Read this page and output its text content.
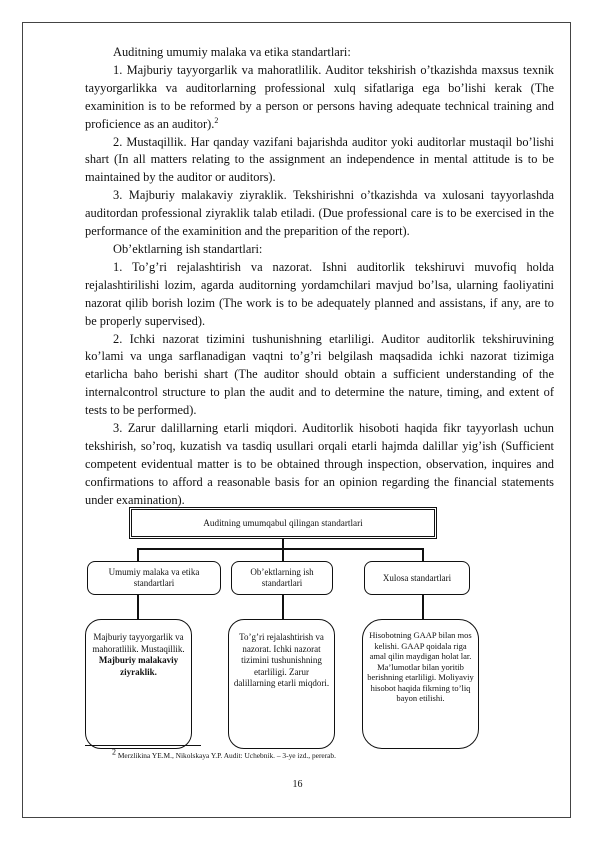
Auditning umumiy malaka va etika standartlari:

1. Majburiy tayyorgarlik va mahoratlilik. Auditor tekshirish o’tkazishda maxsus texnik tayyorgarlikka va auditorlarning professional xulq sifatlariga ega bo’lishi kerak (The examinition is to be reformed by a person or persons having adequate technical training and proficience as an auditor).$^2$

2. Mustaqillik. Har qanday vazifani bajarishda auditor yoki auditorlar mustaqil bo’lishi shart (In all matters relating to the assignment an independence in mental attitude is to be maintained by the auditor or auditors).

3. Majburiy malakaviy ziyraklik. Tekshirishni o’tkazishda va xulosani tayyorlashda auditordan professional ziyraklik talab etiladi. (Due professional care is to be exercised in the performance of the examinition and the preparition of the report).

Ob’ektlarning ish standartlari:

1. To’g’ri rejalashtirish va nazorat. Ishni auditorlik tekshiruvi muvofiq holda rejalashtirilishi lozim, agarda auditorning yordamchilari mavjud bo’lsa, ularning faoliyatini nazorat qilib borish lozim (The work is to be adequately planned and assistans, if any, are to be properly supervised).

2. Ichki nazorat tizimini tushunishning etarliligi. Auditor auditorlik tekshiruvining ko’lami va unga sarflanadigan vaqtni to’g’ri belgilash maqsadida ichki nazorat tizimiga etarlicha baho berishi shart (The auditor should obtain a sufficient understanding of the internalcontrol structure to plan the audit and to determine the nature, timing, and extent of tests to be performed).

3. Zarur dalillarning etarli miqdori. Auditorlik hisoboti haqida fikr tayyorlash uchun tekshirish, so’roq, kuzatish va tasdiq usullari orqali etarli hajmda dalillar yig’ish (Sufficient competent evidentual matter is to be obtained through inspection, observation, inquires and confirmations to afford a reasonable basis for an opinion regarding the financial statements under examination).

Auditning umumqabul qilingan standartlari
Umumiy malaka va etika standartlari
Ob’ektlarning ish standartlari
Xulosa standartlari
Majburiy tayyorgarlik va mahoratlilik. Mustaqillik. Majburiy malakaviy ziyraklik.
To’g’ri rejalashtirish va nazorat. Ichki nazorat tizimini tushunishning etarliligi. Zarur dalillarning etarli miqdori.
Hisobotning GAAP bilan mos kelishi. GAAP qoidala riga amal qilin maydigan holat lar. Ma’lumotlar bilan yoritib berishning etarliligi. Moliyaviy hisobot haqida fikrning to’liq bayon etilishi.
$^2$ Merzlikina YE.M., Nikolskaya Y.P. Audit: Uchebnik. – 3-ye izd., pererab.
16
